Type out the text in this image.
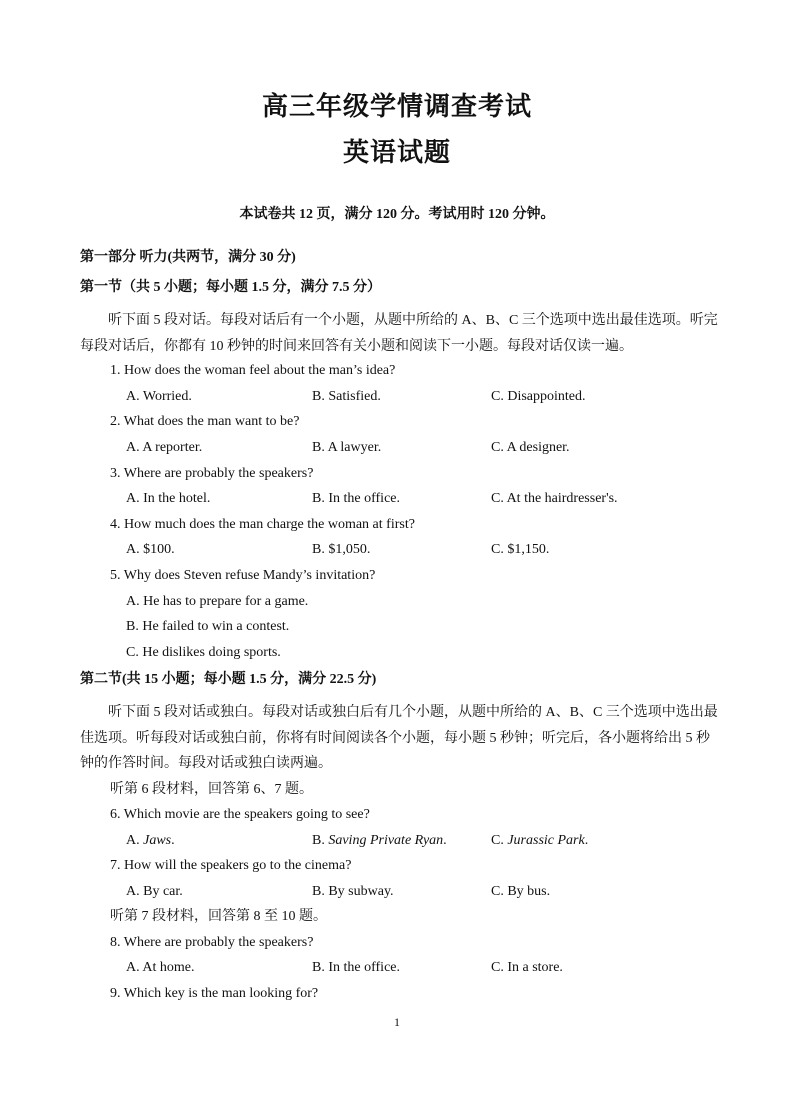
高三年级学情调查考试
英语试题
本试卷共 12 页，满分 120 分。考试用时 120 分钟。
第一部分 听力(共两节，满分 30 分)
第一节（共 5 小题；每小题 1.5 分，满分 7.5 分）
听下面 5 段对话。每段对话后有一个小题，从题中所给的 A、B、C 三个选项中选出最佳选项。听完每段对话后，你都有 10 秒钟的时间来回答有关小题和阅读下一小题。每段对话仅读一遍。
1. How does the woman feel about the man’s idea?
A. Worried.	B. Satisfied.	C. Disappointed.
2. What does the man want to be?
A. A reporter.	B. A lawyer.	C. A designer.
3. Where are probably the speakers?
A. In the hotel.	B. In the office.	C. At the hairdresser's.
4. How much does the man charge the woman at first?
A. $100.	B. $1,050.	C. $1,150.
5. Why does Steven refuse Mandy’s invitation?
A. He has to prepare for a game.
B. He failed to win a contest.
C. He dislikes doing sports.
第二节(共 15 小题；每小题 1.5 分，满分 22.5 分)
听下面 5 段对话或独白。每段对话或独白后有几个小题，从题中所给的 A、B、C 三个选项中选出最佳选项。听每段对话或独白前，你将有时间阅读各个小题，每小题 5 秒钟；听完后，各小题将给出 5 秒钟的作答时间。每段对话或独白读两遍。
听第 6 段材料，回答第 6、7 题。
6. Which movie are the speakers going to see?
A. Jaws.	B. Saving Private Ryan.	C. Jurassic Park.
7. How will the speakers go to the cinema?
A. By car.	B. By subway.	C. By bus.
听第 7 段材料，回答第 8 至 10 题。
8. Where are probably the speakers?
A. At home.	B. In the office.	C. In a store.
9. Which key is the man looking for?
1
